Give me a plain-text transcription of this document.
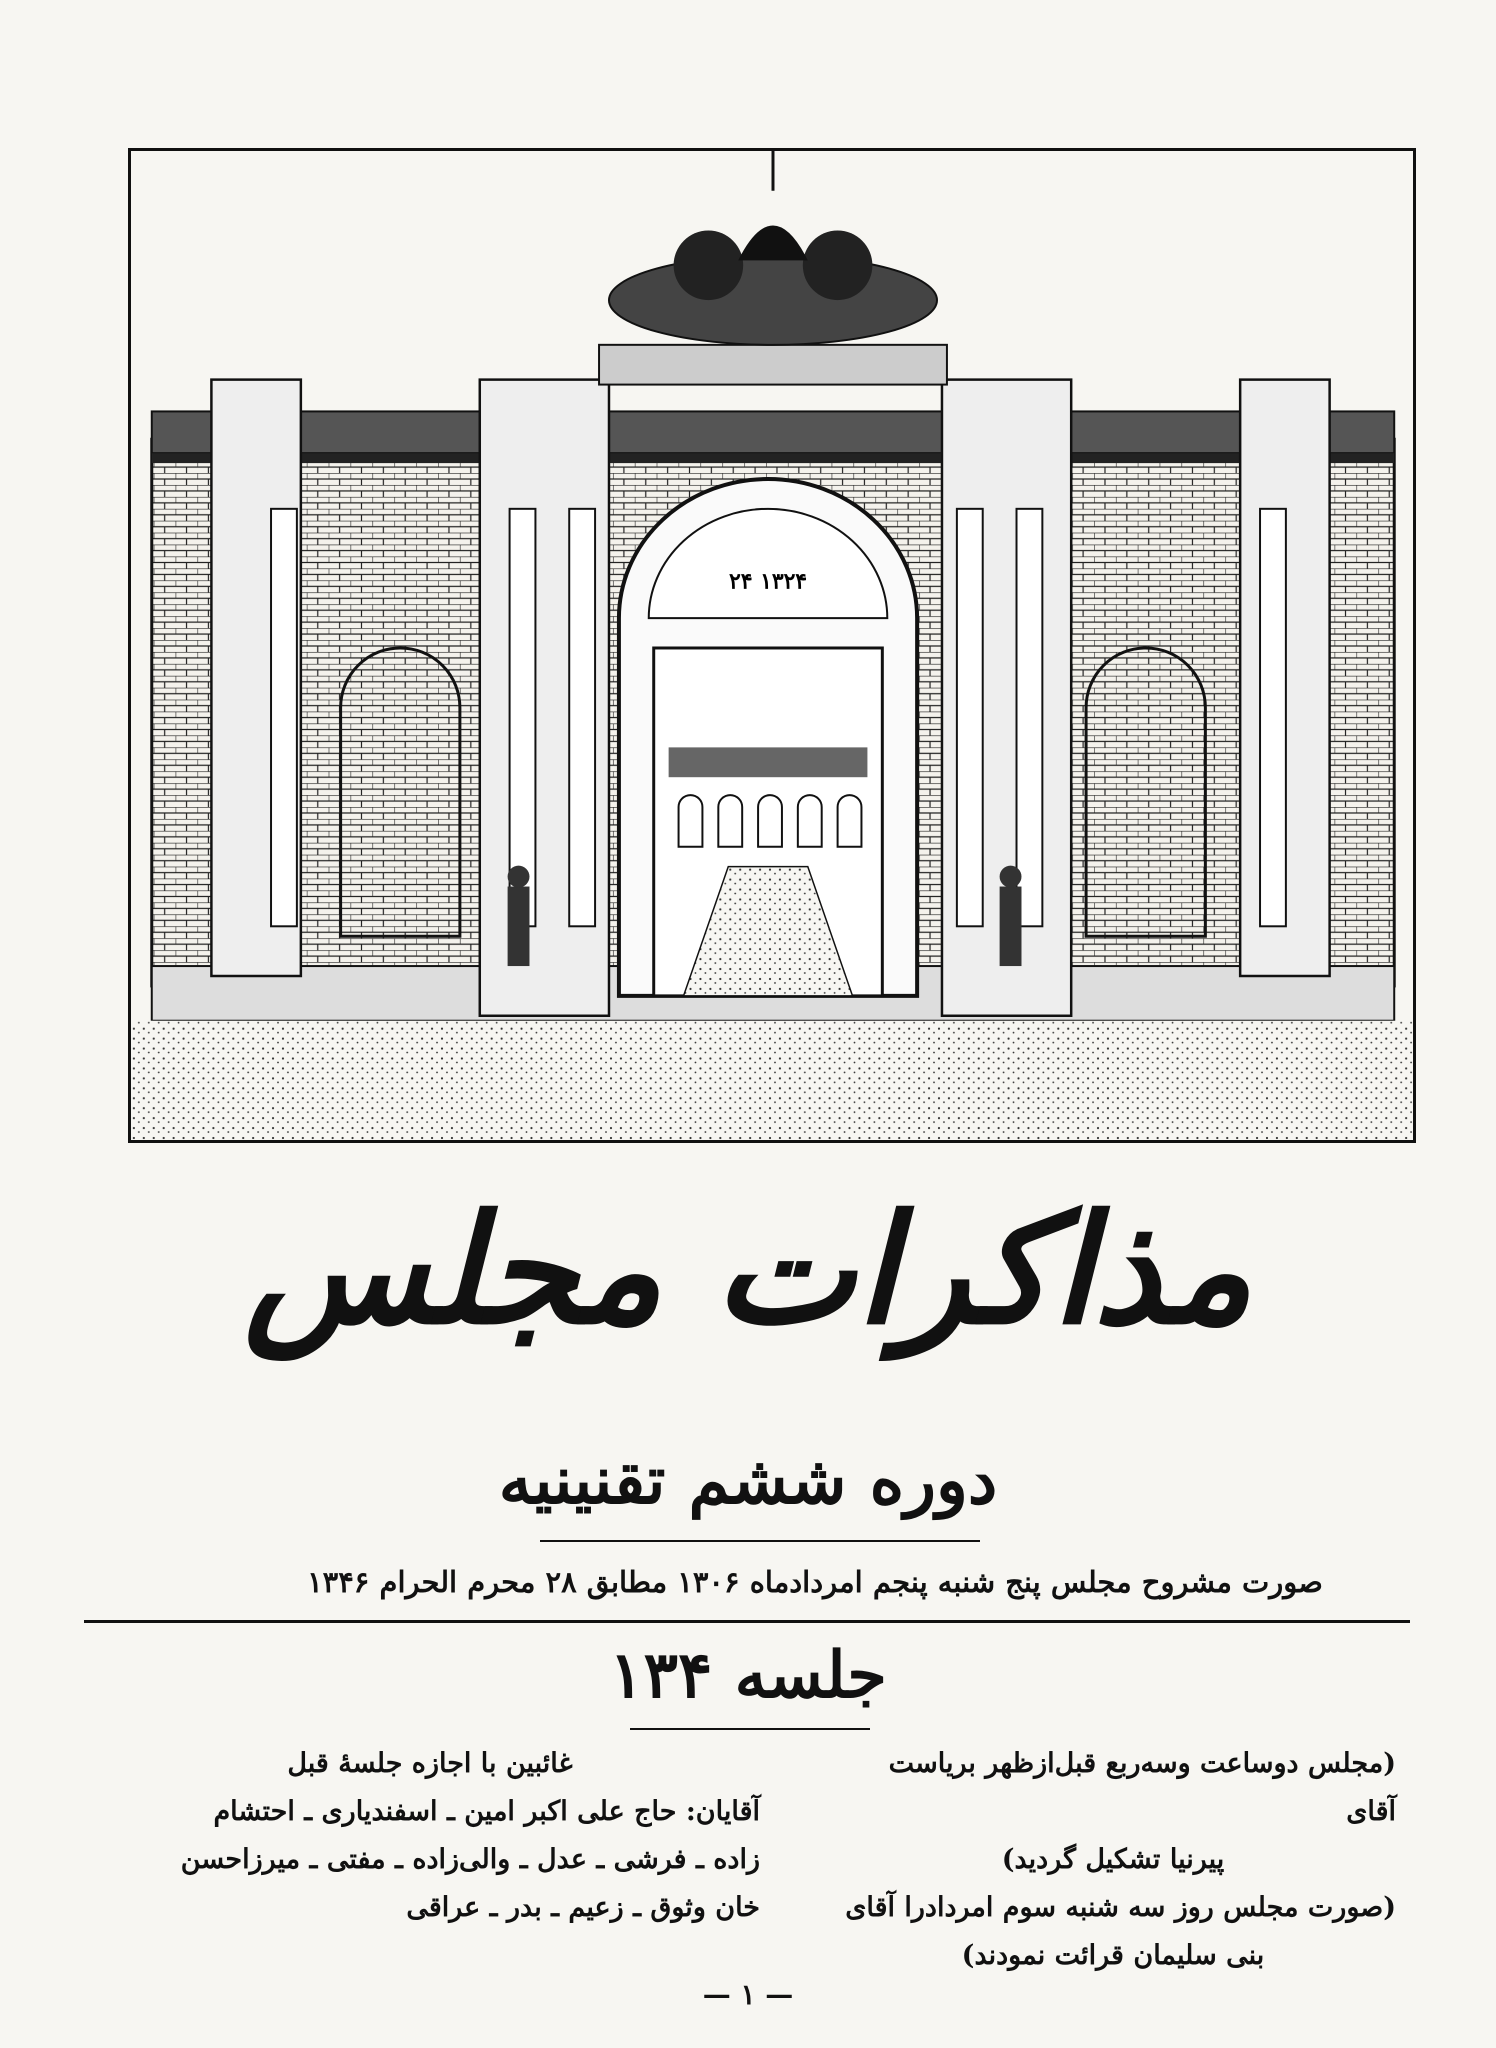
۲۴ ۱۳۲۴
مذاکرات مجلس
دوره ششم تقنینیه
صورت مشروح مجلس پنج شنبه پنجم امردادماه ۱۳۰۶ مطابق ۲۸ محرم الحرام ۱۳۴۶
جلسه ۱۳۴

(مجلس دوساعت وسه‌ربع قبل‌ازظهر بریاست آقای

پیرنیا تشکیل گردید)

(صورت مجلس روز سه شنبه سوم امردادرا آقای

بنی سلیمان قرائت نمودند)

غائبین با اجازه جلسهٔ قبل

آقایان: حاج علی اکبر امین ـ اسفندیاری ـ احتشام

زاده ـ فرشی ـ عدل ـ والی‌زاده ـ مفتی ـ میرزاحسن

خان وثوق ـ زعیم ـ بدر ـ عراقی

— ۱ —
